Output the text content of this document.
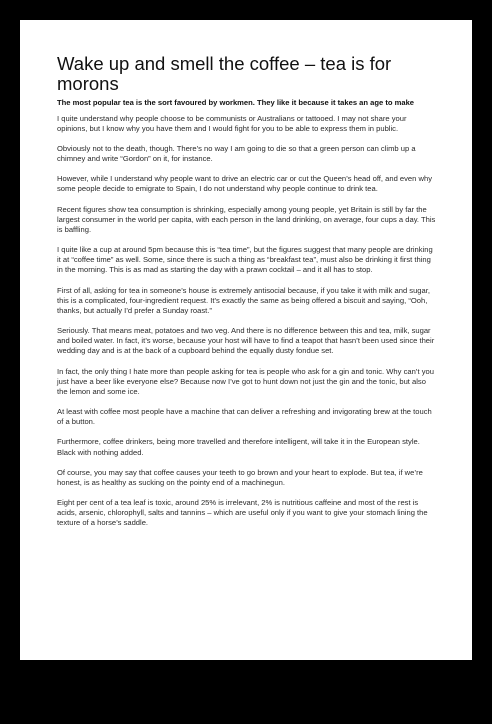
Wake up and smell the coffee – tea is for morons

The most popular tea is the sort favoured by workmen. They like it because it takes an age to make

I quite understand why people choose to be communists or Australians or tattooed. I may not share your opinions, but I know why you have them and I would fight for you to be able to express them in public.

Obviously not to the death, though. There’s no way I am going to die so that a green person can climb up a chimney and write “Gordon” on it, for instance.

However, while I understand why people want to drive an electric car or cut the Queen’s head off, and even why some people decide to emigrate to Spain, I do not understand why people continue to drink tea.

Recent figures show tea consumption is shrinking, especially among young people, yet Britain is still by far the largest consumer in the world per capita, with each person in the land drinking, on average, four cups a day. This is baffling.

I quite like a cup at around 5pm because this is “tea time”, but the figures suggest that many people are drinking it at “coffee time” as well. Some, since there is such a thing as “breakfast tea”, must also be drinking it first thing in the morning. This is as mad as starting the day with a prawn cocktail – and it all has to stop.

First of all, asking for tea in someone’s house is extremely antisocial because, if you take it with milk and sugar, this is a complicated, four-ingredient request. It’s exactly the same as being offered a biscuit and saying, “Ooh, thanks, but actually I’d prefer a Sunday roast.”

Seriously. That means meat, potatoes and two veg. And there is no difference between this and tea, milk, sugar and boiled water. In fact, it’s worse, because your host will have to find a teapot that hasn’t been used since their wedding day and is at the back of a cupboard behind the equally dusty fondue set.

In fact, the only thing I hate more than people asking for tea is people who ask for a gin and tonic. Why can’t you just have a beer like everyone else? Because now I’ve got to hunt down not just the gin and the tonic, but also the lemon and some ice.

At least with coffee most people have a machine that can deliver a refreshing and invigorating brew at the touch of a button.

Furthermore, coffee drinkers, being more travelled and therefore intelligent, will take it in the European style. Black with nothing added.

Of course, you may say that coffee causes your teeth to go brown and your heart to explode. But tea, if we’re honest, is as healthy as sucking on the pointy end of a machinegun.

Eight per cent of a tea leaf is toxic, around 25% is irrelevant, 2% is nutritious caffeine and most of the rest is acids, arsenic, chlorophyll, salts and tannins – which are useful only if you want to give your stomach lining the texture of a horse’s saddle.
